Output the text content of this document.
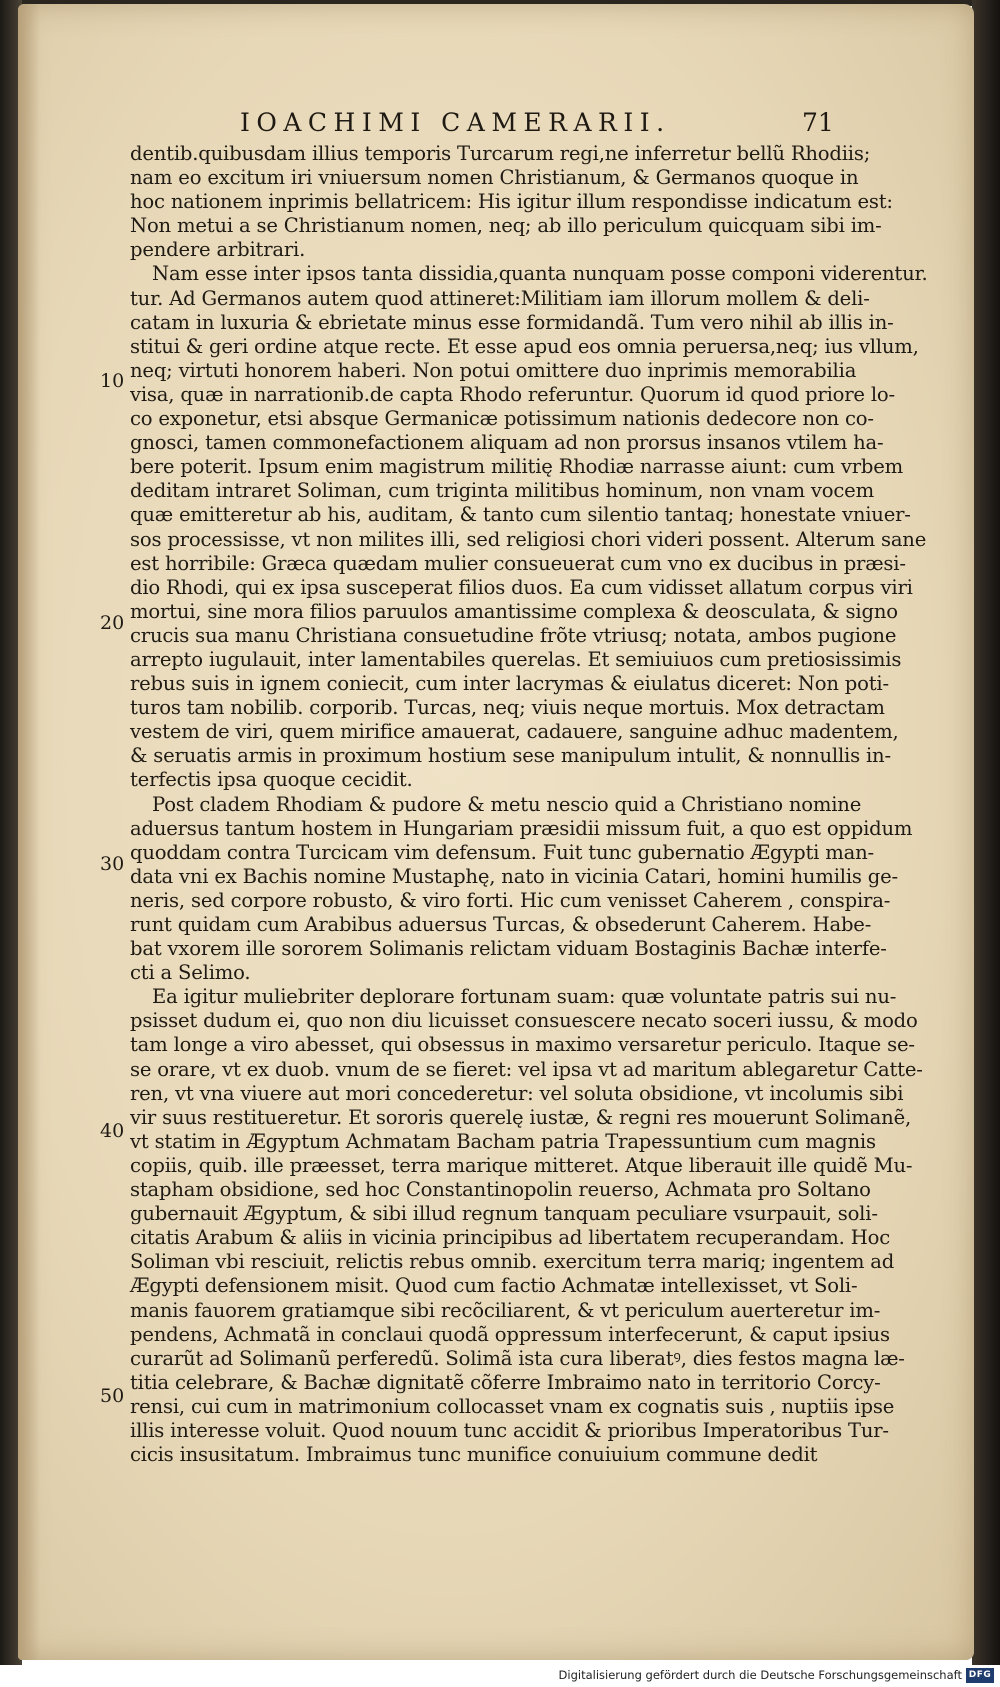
IOACHIMI CAMERARII.	71
10
20
30
40
50
dentib.quibusdam illius temporis Turcarum regi,ne inferretur bellũ Rhodiis;
nam eo excitum iri vniuersum nomen Christianum, & Germanos quoque in
hoc nationem inprimis bellatricem: His igitur illum respondisse indicatum est:
Non metui a se Christianum nomen, neq; ab illo periculum quicquam sibi im-
pendere arbitrari.
Nam esse inter ipsos tanta dissidia,quanta nunquam posse componi viderentur.
tur. Ad Germanos autem quod attineret:Militiam iam illorum mollem & deli-
catam in luxuria & ebrietate minus esse formidandã. Tum vero nihil ab illis in-
stitui & geri ordine atque recte. Et esse apud eos omnia peruersa,neq; ius vllum,
neq; virtuti honorem haberi. Non potui omittere duo inprimis memorabilia
visa, quæ in narrationib.de capta Rhodo referuntur. Quorum id quod priore lo-
co exponetur, etsi absque Germanicæ potissimum nationis dedecore non co-
gnosci, tamen commonefactionem aliquam ad non prorsus insanos vtilem ha-
bere poterit. Ipsum enim magistrum militię Rhodiæ narrasse aiunt: cum vrbem
deditam intraret Soliman, cum triginta militibus hominum, non vnam vocem
quæ emitteretur ab his, auditam, & tanto cum silentio tantaq; honestate vniuer-
sos processisse, vt non milites illi, sed religiosi chori videri possent. Alterum sane
est horribile: Græca quædam mulier consueuerat cum vno ex ducibus in præsi-
dio Rhodi, qui ex ipsa susceperat filios duos. Ea cum vidisset allatum corpus viri
mortui, sine mora filios paruulos amantissime complexa & deosculata, & signo
crucis sua manu Christiana consuetudine frõte vtriusq; notata, ambos pugione
arrepto iugulauit, inter lamentabiles querelas. Et semiuiuos cum pretiosissimis
rebus suis in ignem coniecit, cum inter lacrymas & eiulatus diceret: Non poti-
turos tam nobilib. corporib. Turcas, neq; viuis neque mortuis. Mox detractam
vestem de viri, quem mirifice amauerat, cadauere, sanguine adhuc madentem,
& seruatis armis in proximum hostium sese manipulum intulit, & nonnullis in-
terfectis ipsa quoque cecidit.
Post cladem Rhodiam & pudore & metu nescio quid a Christiano nomine
aduersus tantum hostem in Hungariam præsidii missum fuit, a quo est oppidum
quoddam contra Turcicam vim defensum. Fuit tunc gubernatio Ægypti man-
data vni ex Bachis nomine Mustaphę, nato in vicinia Catari, homini humilis ge-
neris, sed corpore robusto, & viro forti. Hic cum venisset Caherem , conspira-
runt quidam cum Arabibus aduersus Turcas, & obsederunt Caherem. Habe-
bat vxorem ille sororem Solimanis relictam viduam Bostaginis Bachæ interfe-
cti a Selimo.
Ea igitur muliebriter deplorare fortunam suam: quæ voluntate patris sui nu-
psisset dudum ei, quo non diu licuisset consuescere necato soceri iussu, & modo
tam longe a viro abesset, qui obsessus in maximo versaretur periculo. Itaque se-
se orare, vt ex duob. vnum de se fieret: vel ipsa vt ad maritum ablegaretur Catte-
ren, vt vna viuere aut mori concederetur: vel soluta obsidione, vt incolumis sibi
vir suus restitueretur. Et sororis querelę iustæ, & regni res mouerunt Solimanẽ,
vt statim in Ægyptum Achmatam Bacham patria Trapessuntium cum magnis
copiis, quib. ille præesset, terra marique mitteret. Atque liberauit ille quidẽ Mu-
stapham obsidione, sed hoc Constantinopolin reuerso, Achmata pro Soltano
gubernauit Ægyptum, & sibi illud regnum tanquam peculiare vsurpauit, soli-
citatis Arabum & aliis in vicinia principibus ad libertatem recuperandam. Hoc
Soliman vbi resciuit, relictis rebus omnib. exercitum terra mariq; ingentem ad
Ægypti defensionem misit. Quod cum factio Achmatæ intellexisset, vt Soli-
manis fauorem gratiamque sibi recõciliarent, & vt periculum auerteretur im-
pendens, Achmatã in conclaui quodã oppressum interfecerunt, & caput ipsius
curarũt ad Solimanũ perferedũ. Solimã ista cura liberatꝰ, dies festos magna læ-
titia celebrare, & Bachæ dignitatẽ cõferre Imbraimo nato in territorio Corcy-
rensi, cui cum in matrimonium collocasset vnam ex cognatis suis , nuptiis ipse
illis interesse voluit. Quod nouum tunc accidit & prioribus Imperatoribus Tur-
cicis insusitatum. Imbraimus tunc munifice conuiuium commune dedit
Digitalisierung gefördert durch die Deutsche Forschungsgemeinschaft DFG
